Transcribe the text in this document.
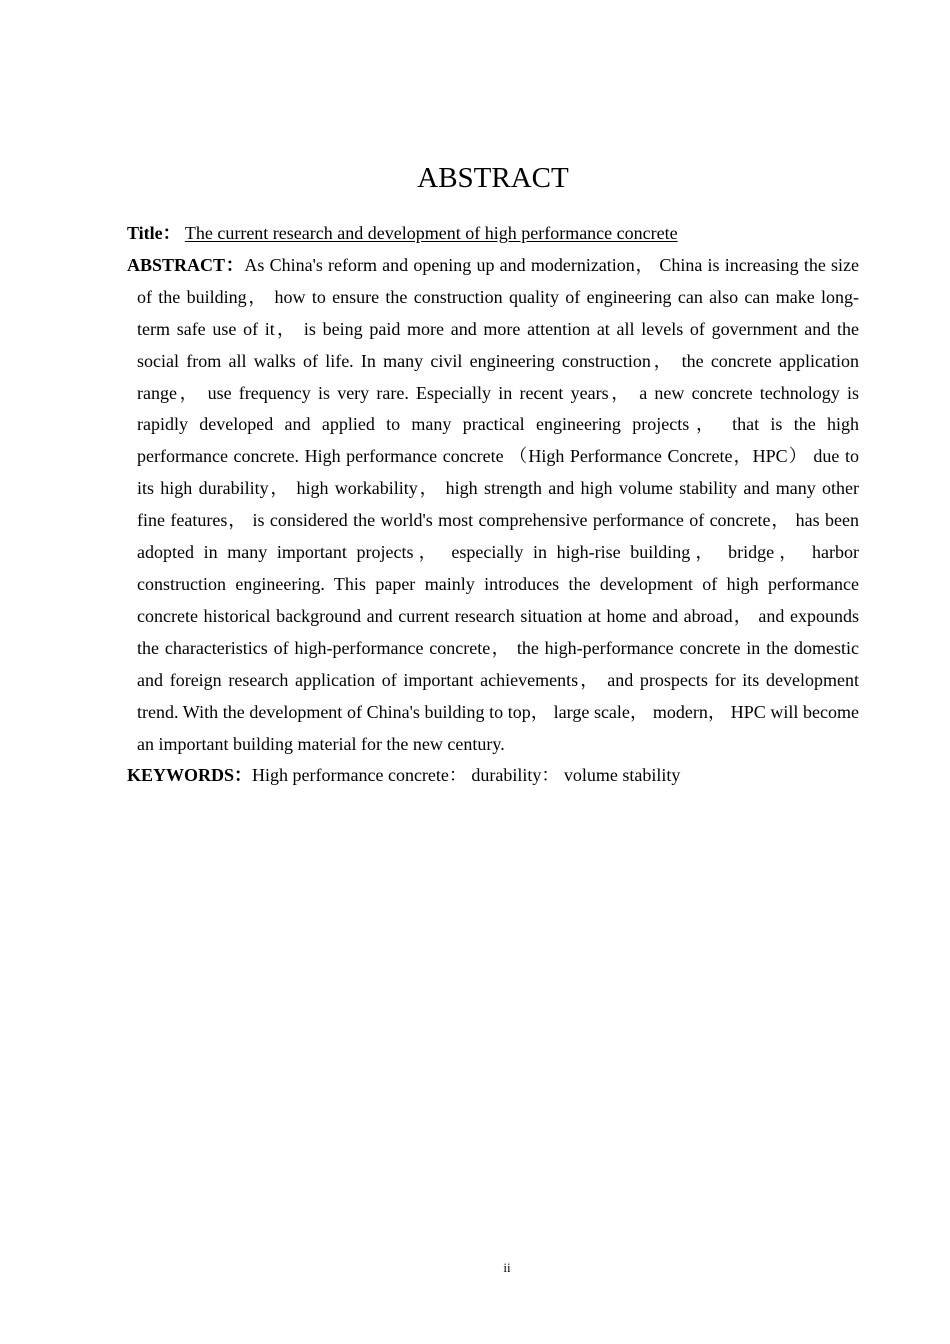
ABSTRACT

Title： The current research and development of high performance concrete

ABSTRACT：As China's reform and opening up and modernization， China is increasing the size of the building， how to ensure the construction quality of engineering can also can make long-term safe use of it， is being paid more and more attention at all levels of government and the social from all walks of life. In many civil engineering construction， the concrete application range， use frequency is very rare. Especially in recent years， a new concrete technology is rapidly developed and applied to many practical engineering projects， that is the high performance concrete. High performance concrete （High Performance Concrete，HPC） due to its high durability， high workability， high strength and high volume stability and many other fine features， is considered the world's most comprehensive performance of concrete， has been adopted in many important projects， especially in high-rise building， bridge， harbor construction engineering. This paper mainly introduces the development of high performance concrete historical background and current research situation at home and abroad， and expounds the characteristics of high-performance concrete， the high-performance concrete in the domestic and foreign research application of important achievements， and prospects for its development trend. With the development of China's building to top， large scale， modern， HPC will become an important building material for the new century.

KEYWORDS：High performance concrete： durability： volume stability

ii
